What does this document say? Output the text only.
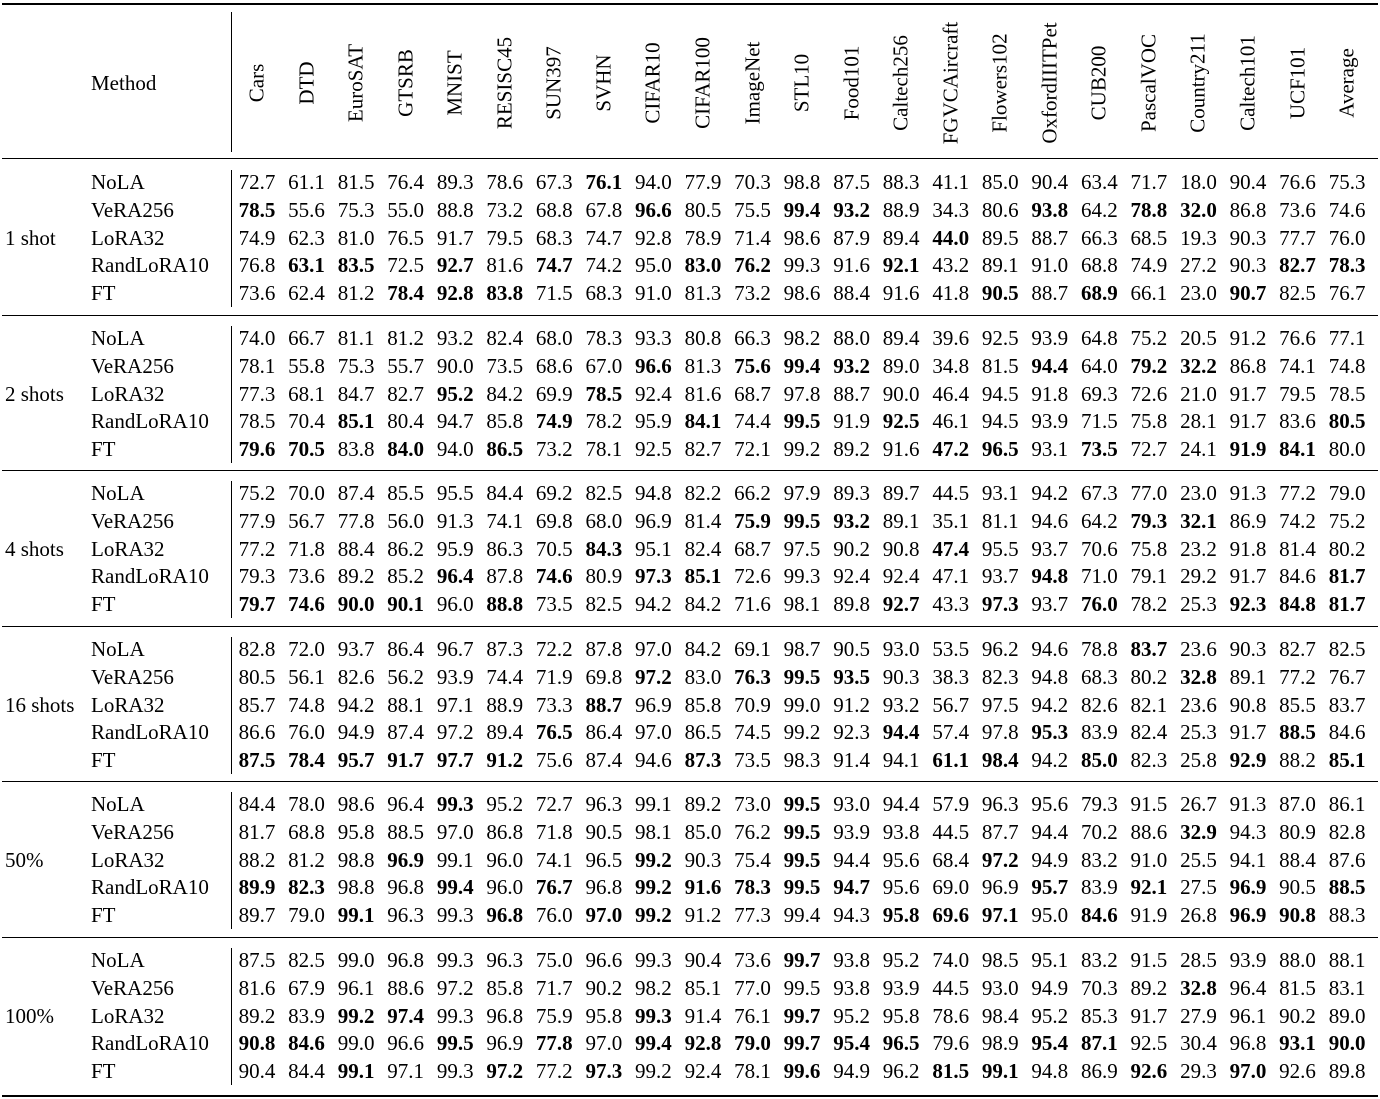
Method	Cars DTD EuroSAT GTSRB MNIST RESISC45 SUN397 SVHN CIFAR10 CIFAR100 ImageNet STL10 Food101 Caltech256 FGVCAircraft Flowers102 OxfordIIITPet CUB200 PascalVOC Country211 Caltech101 UCF101 Average
1 shot
NoLA	72.7 61.1 81.5 76.4 89.3 78.6 67.3 76.1 94.0 77.9 70.3 98.8 87.5 88.3 41.1 85.0 90.4 63.4 71.7 18.0 90.4 76.6 75.3
VeRA256	78.5 55.6 75.3 55.0 88.8 73.2 68.8 67.8 96.6 80.5 75.5 99.4 93.2 88.9 34.3 80.6 93.8 64.2 78.8 32.0 86.8 73.6 74.6
LoRA32	74.9 62.3 81.0 76.5 91.7 79.5 68.3 74.7 92.8 78.9 71.4 98.6 87.9 89.4 44.0 89.5 88.7 66.3 68.5 19.3 90.3 77.7 76.0
RandLoRA10 76.8 63.1 83.5 72.5 92.7 81.6 74.7 74.2 95.0 83.0 76.2 99.3 91.6 92.1 43.2 89.1 91.0 68.8 74.9 27.2 90.3 82.7 78.3
FT	73.6 62.4 81.2 78.4 92.8 83.8 71.5 68.3 91.0 81.3 73.2 98.6 88.4 91.6 41.8 90.5 88.7 68.9 66.1 23.0 90.7 82.5 76.7
2 shots
NoLA	74.0 66.7 81.1 81.2 93.2 82.4 68.0 78.3 93.3 80.8 66.3 98.2 88.0 89.4 39.6 92.5 93.9 64.8 75.2 20.5 91.2 76.6 77.1
VeRA256	78.1 55.8 75.3 55.7 90.0 73.5 68.6 67.0 96.6 81.3 75.6 99.4 93.2 89.0 34.8 81.5 94.4 64.0 79.2 32.2 86.8 74.1 74.8
LoRA32	77.3 68.1 84.7 82.7 95.2 84.2 69.9 78.5 92.4 81.6 68.7 97.8 88.7 90.0 46.4 94.5 91.8 69.3 72.6 21.0 91.7 79.5 78.5
RandLoRA10 78.5 70.4 85.1 80.4 94.7 85.8 74.9 78.2 95.9 84.1 74.4 99.5 91.9 92.5 46.1 94.5 93.9 71.5 75.8 28.1 91.7 83.6 80.5
FT	79.6 70.5 83.8 84.0 94.0 86.5 73.2 78.1 92.5 82.7 72.1 99.2 89.2 91.6 47.2 96.5 93.1 73.5 72.7 24.1 91.9 84.1 80.0
4 shots
NoLA	75.2 70.0 87.4 85.5 95.5 84.4 69.2 82.5 94.8 82.2 66.2 97.9 89.3 89.7 44.5 93.1 94.2 67.3 77.0 23.0 91.3 77.2 79.0
VeRA256	77.9 56.7 77.8 56.0 91.3 74.1 69.8 68.0 96.9 81.4 75.9 99.5 93.2 89.1 35.1 81.1 94.6 64.2 79.3 32.1 86.9 74.2 75.2
LoRA32	77.2 71.8 88.4 86.2 95.9 86.3 70.5 84.3 95.1 82.4 68.7 97.5 90.2 90.8 47.4 95.5 93.7 70.6 75.8 23.2 91.8 81.4 80.2
RandLoRA10 79.3 73.6 89.2 85.2 96.4 87.8 74.6 80.9 97.3 85.1 72.6 99.3 92.4 92.4 47.1 93.7 94.8 71.0 79.1 29.2 91.7 84.6 81.7
FT	79.7 74.6 90.0 90.1 96.0 88.8 73.5 82.5 94.2 84.2 71.6 98.1 89.8 92.7 43.3 97.3 93.7 76.0 78.2 25.3 92.3 84.8 81.7
16 shots
NoLA	82.8 72.0 93.7 86.4 96.7 87.3 72.2 87.8 97.0 84.2 69.1 98.7 90.5 93.0 53.5 96.2 94.6 78.8 83.7 23.6 90.3 82.7 82.5
VeRA256	80.5 56.1 82.6 56.2 93.9 74.4 71.9 69.8 97.2 83.0 76.3 99.5 93.5 90.3 38.3 82.3 94.8 68.3 80.2 32.8 89.1 77.2 76.7
LoRA32	85.7 74.8 94.2 88.1 97.1 88.9 73.3 88.7 96.9 85.8 70.9 99.0 91.2 93.2 56.7 97.5 94.2 82.6 82.1 23.6 90.8 85.5 83.7
RandLoRA10 86.6 76.0 94.9 87.4 97.2 89.4 76.5 86.4 97.0 86.5 74.5 99.2 92.3 94.4 57.4 97.8 95.3 83.9 82.4 25.3 91.7 88.5 84.6
FT	87.5 78.4 95.7 91.7 97.7 91.2 75.6 87.4 94.6 87.3 73.5 98.3 91.4 94.1 61.1 98.4 94.2 85.0 82.3 25.8 92.9 88.2 85.1
50%
NoLA	84.4 78.0 98.6 96.4 99.3 95.2 72.7 96.3 99.1 89.2 73.0 99.5 93.0 94.4 57.9 96.3 95.6 79.3 91.5 26.7 91.3 87.0 86.1
VeRA256	81.7 68.8 95.8 88.5 97.0 86.8 71.8 90.5 98.1 85.0 76.2 99.5 93.9 93.8 44.5 87.7 94.4 70.2 88.6 32.9 94.3 80.9 82.8
LoRA32	88.2 81.2 98.8 96.9 99.1 96.0 74.1 96.5 99.2 90.3 75.4 99.5 94.4 95.6 68.4 97.2 94.9 83.2 91.0 25.5 94.1 88.4 87.6
RandLoRA10 89.9 82.3 98.8 96.8 99.4 96.0 76.7 96.8 99.2 91.6 78.3 99.5 94.7 95.6 69.0 96.9 95.7 83.9 92.1 27.5 96.9 90.5 88.5
FT	89.7 79.0 99.1 96.3 99.3 96.8 76.0 97.0 99.2 91.2 77.3 99.4 94.3 95.8 69.6 97.1 95.0 84.6 91.9 26.8 96.9 90.8 88.3
100%
NoLA	87.5 82.5 99.0 96.8 99.3 96.3 75.0 96.6 99.3 90.4 73.6 99.7 93.8 95.2 74.0 98.5 95.1 83.2 91.5 28.5 93.9 88.0 88.1
VeRA256	81.6 67.9 96.1 88.6 97.2 85.8 71.7 90.2 98.2 85.1 77.0 99.5 93.8 93.9 44.5 93.0 94.9 70.3 89.2 32.8 96.4 81.5 83.1
LoRA32	89.2 83.9 99.2 97.4 99.3 96.8 75.9 95.8 99.3 91.4 76.1 99.7 95.2 95.8 78.6 98.4 95.2 85.3 91.7 27.9 96.1 90.2 89.0
RandLoRA10 90.8 84.6 99.0 96.6 99.5 96.9 77.8 97.0 99.4 92.8 79.0 99.7 95.4 96.5 79.6 98.9 95.4 87.1 92.5 30.4 96.8 93.1 90.0
FT	90.4 84.4 99.1 97.1 99.3 97.2 77.2 97.3 99.2 92.4 78.1 99.6 94.9 96.2 81.5 99.1 94.8 86.9 92.6 29.3 97.0 92.6 89.8
